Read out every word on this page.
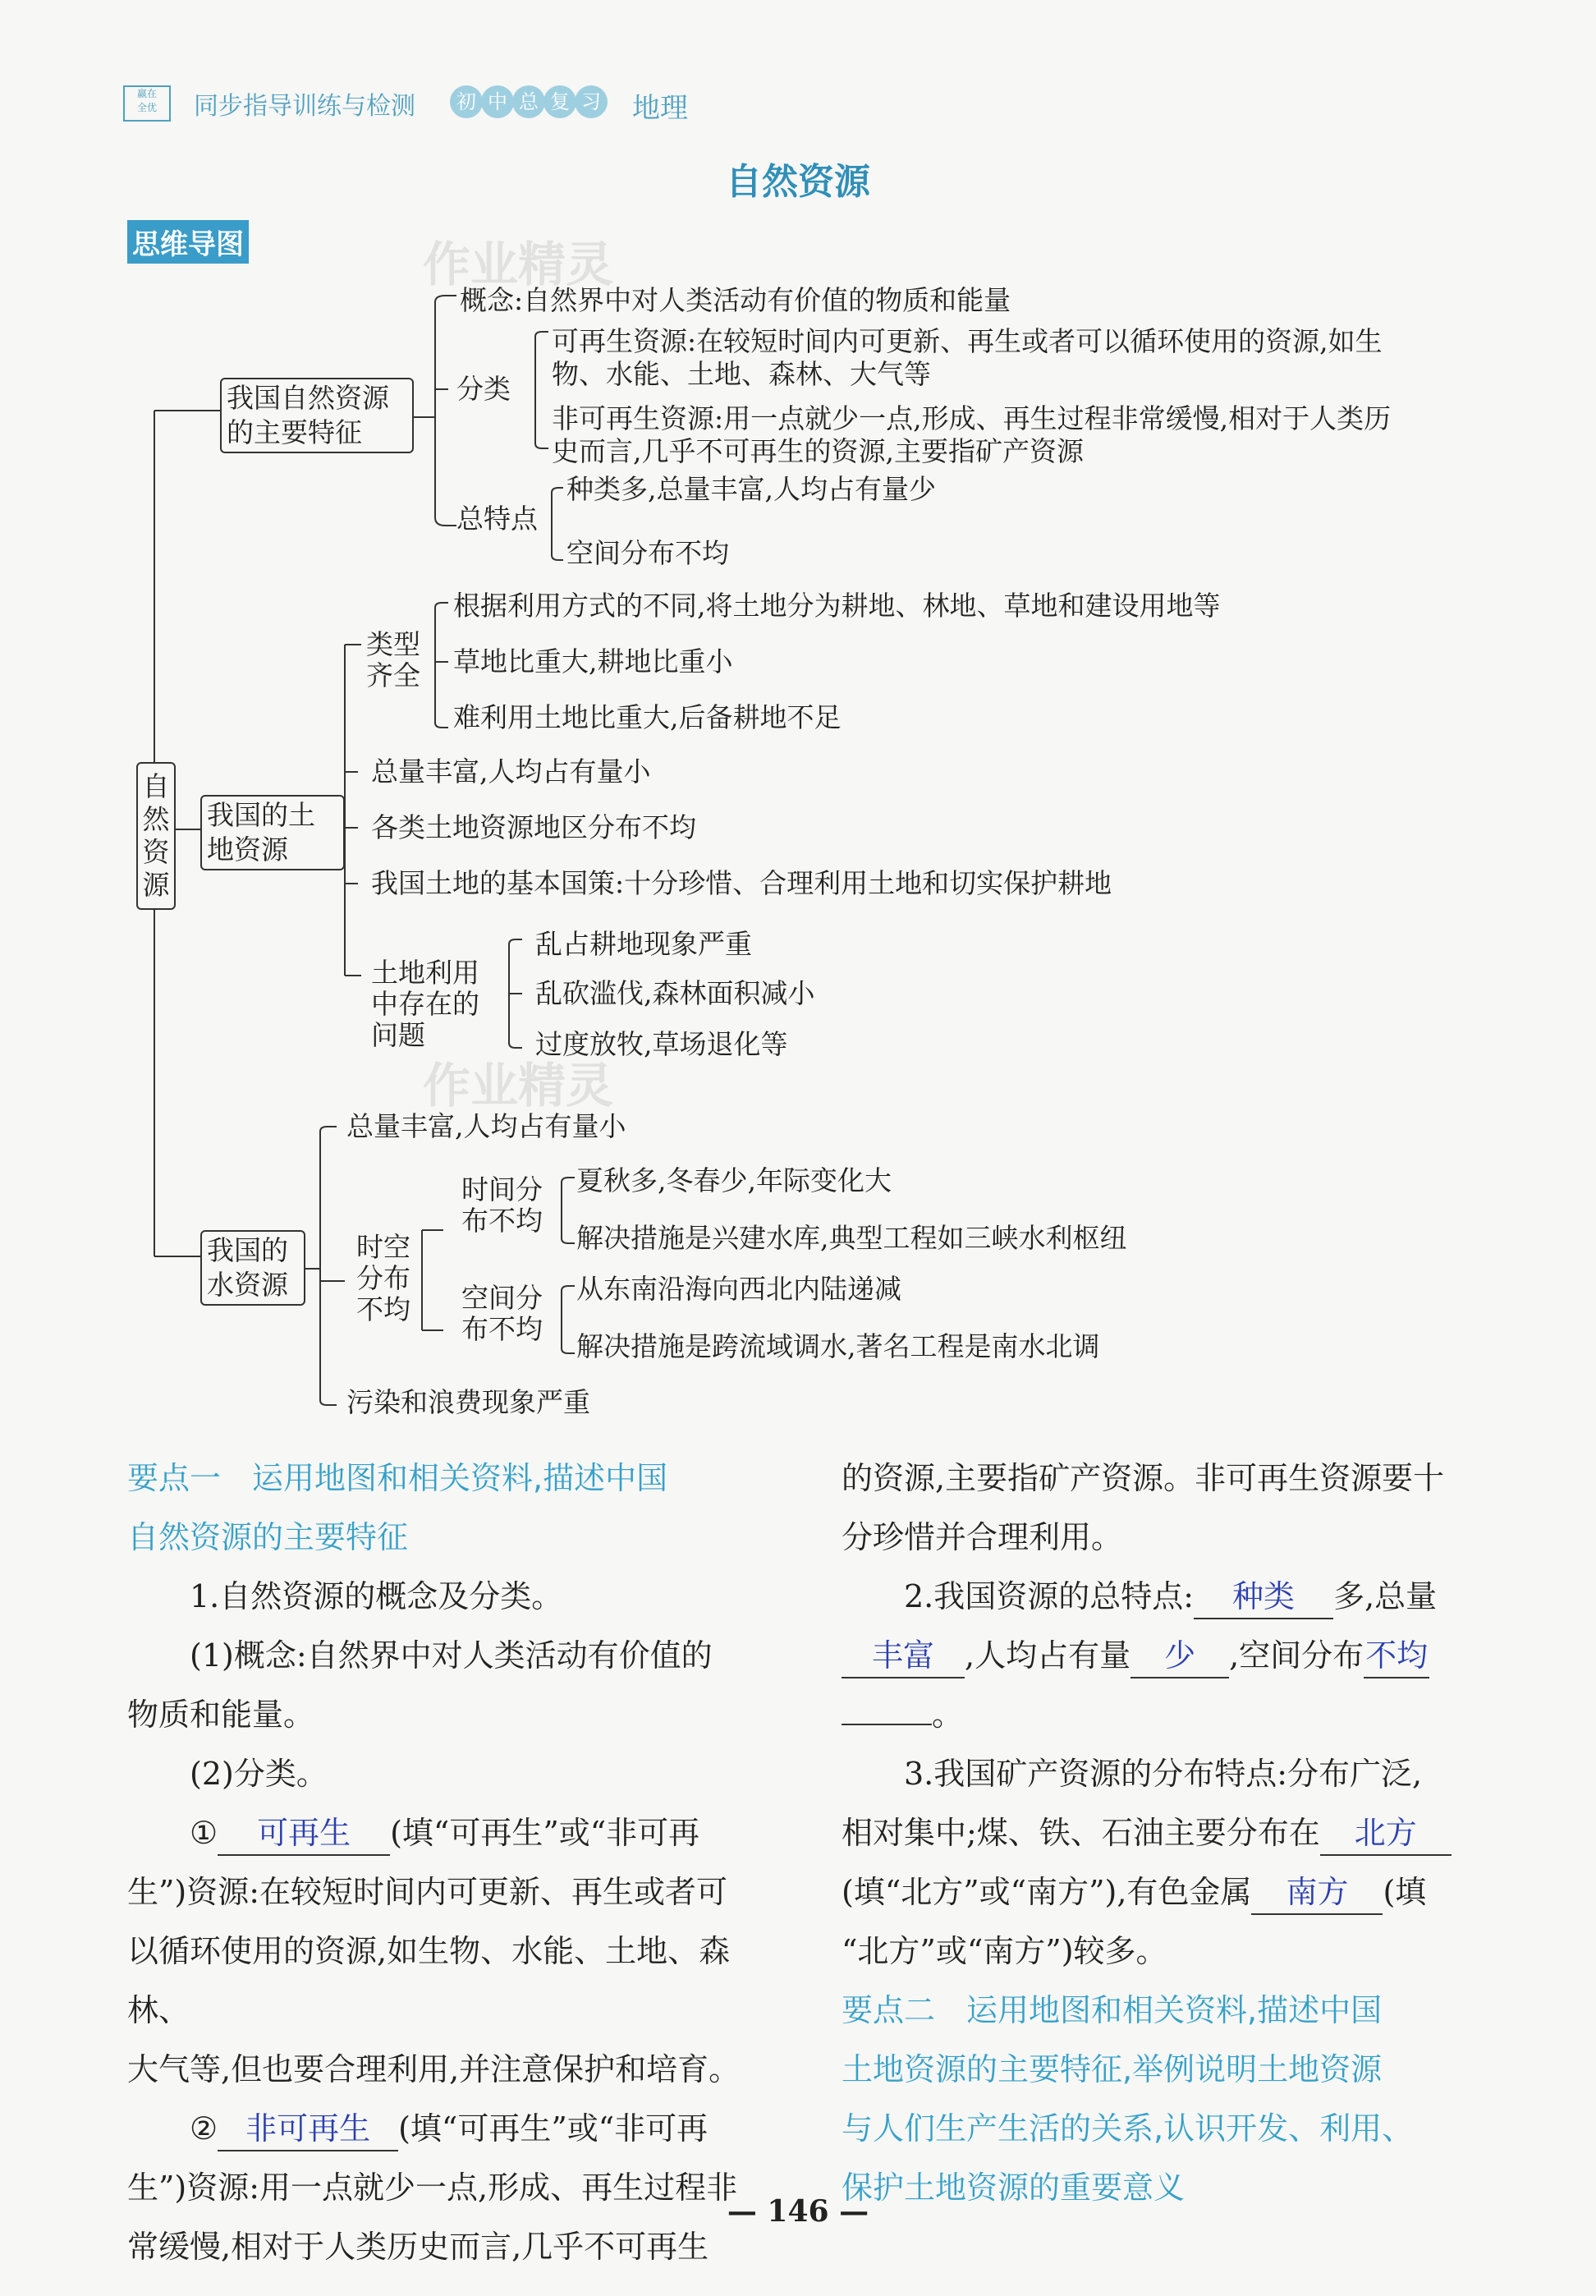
赢在
全优	同步指导训练与检测	初 中 总 复 习 地理
自然资源
思维导图	作业精灵
作业精灵
自然资源
我国自然资源的主要特征
概念:自然界中对人类活动有价值的物质和能量
分类
可再生资源:在较短时间内可更新、再生或者可以循环使用的资源,如生
物、水能、土地、森林、大气等
非可再生资源:用一点就少一点,形成、再生过程非常缓慢,相对于人类历
史而言,几乎不可再生的资源,主要指矿产资源
总特点
种类多,总量丰富,人均占有量少
空间分布不均
我国的土地资源
类型齐全
根据利用方式的不同,将土地分为耕地、林地、草地和建设用地等
草地比重大,耕地比重小
难利用土地比重大,后备耕地不足
总量丰富,人均占有量小
各类土地资源地区分布不均
我国土地的基本国策:十分珍惜、合理利用土地和切实保护耕地
土地利用中存在的问题
乱占耕地现象严重
乱砍滥伐,森林面积减小
过度放牧,草场退化等
我国的水资源
总量丰富,人均占有量小
时空分布不均
时间分布不均
夏秋多,冬春少,年际变化大
解决措施是兴建水库,典型工程如三峡水利枢纽
空间分布不均
从东南沿海向西北内陆递减
解决措施是跨流域调水,著名工程是南水北调
污染和浪费现象严重
要点一　运用地图和相关资料,描述中国
自然资源的主要特征
1.自然资源的概念及分类。
(1)概念:自然界中对人类活动有价值的
物质和能量。
(2)分类。
① 可再生 (填“可再生”或“非可再
生”)资源:在较短时间内可更新、再生或者可
以循环使用的资源,如生物、水能、土地、森林、
大气等,但也要合理利用,并注意保护和培育。
② 非可再生 (填“可再生”或“非可再
生”)资源:用一点就少一点,形成、再生过程非
常缓慢,相对于人类历史而言,几乎不可再生
的资源,主要指矿产资源。非可再生资源要十
分珍惜并合理利用。
2.我国资源的总特点: 种类 多,总量
丰富 ,人均占有量 少 ,空间分布不均
。
3.我国矿产资源的分布特点:分布广泛,
相对集中;煤、铁、石油主要分布在 北方
(填“北方”或“南方”),有色金属 南方 (填
“北方”或“南方”)较多。
要点二　运用地图和相关资料,描述中国
土地资源的主要特征,举例说明土地资源
与人们生产生活的关系,认识开发、利用、
保护土地资源的重要意义
— 146 —
